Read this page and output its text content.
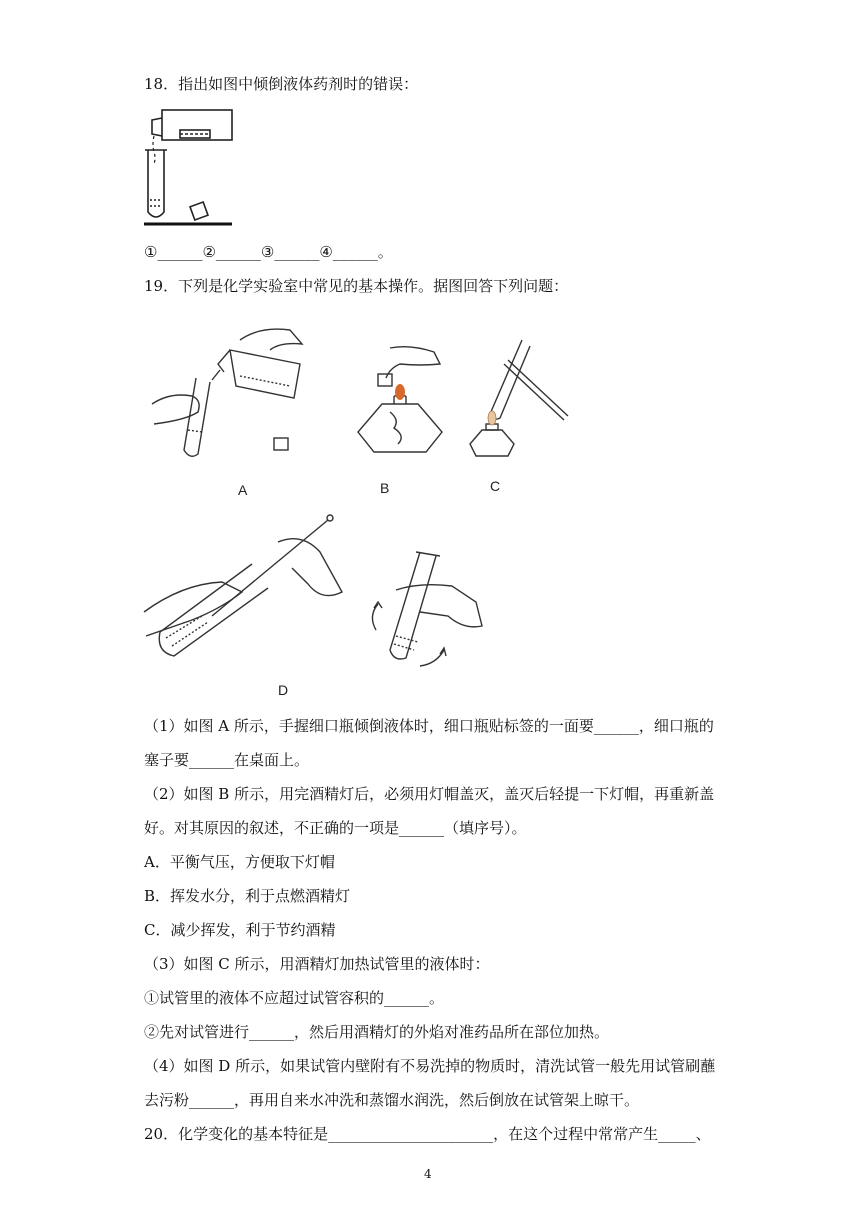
18．指出如图中倾倒液体药剂时的错误：
①______②______③______④______。
19．下列是化学实验室中常见的基本操作。据图回答下列问题：
A	B	C
D
（1）如图 A 所示，手握细口瓶倾倒液体时，细口瓶贴标签的一面要______，细口瓶的
塞子要______在桌面上。
（2）如图 B 所示，用完酒精灯后，必须用灯帽盖灭，盖灭后轻提一下灯帽，再重新盖
好。对其原因的叙述，不正确的一项是______（填序号）。
A．平衡气压，方便取下灯帽
B．挥发水分，利于点燃酒精灯
C．减少挥发，利于节约酒精
（3）如图 C 所示，用酒精灯加热试管里的液体时：
①试管里的液体不应超过试管容积的______。
②先对试管进行______，然后用酒精灯的外焰对准药品所在部位加热。
（4）如图 D 所示，如果试管内壁附有不易洗掉的物质时，清洗试管一般先用试管刷蘸
去污粉______，再用自来水冲洗和蒸馏水润洗，然后倒放在试管架上晾干。
20．化学变化的基本特征是______________________，在这个过程中常常产生_____、
4
